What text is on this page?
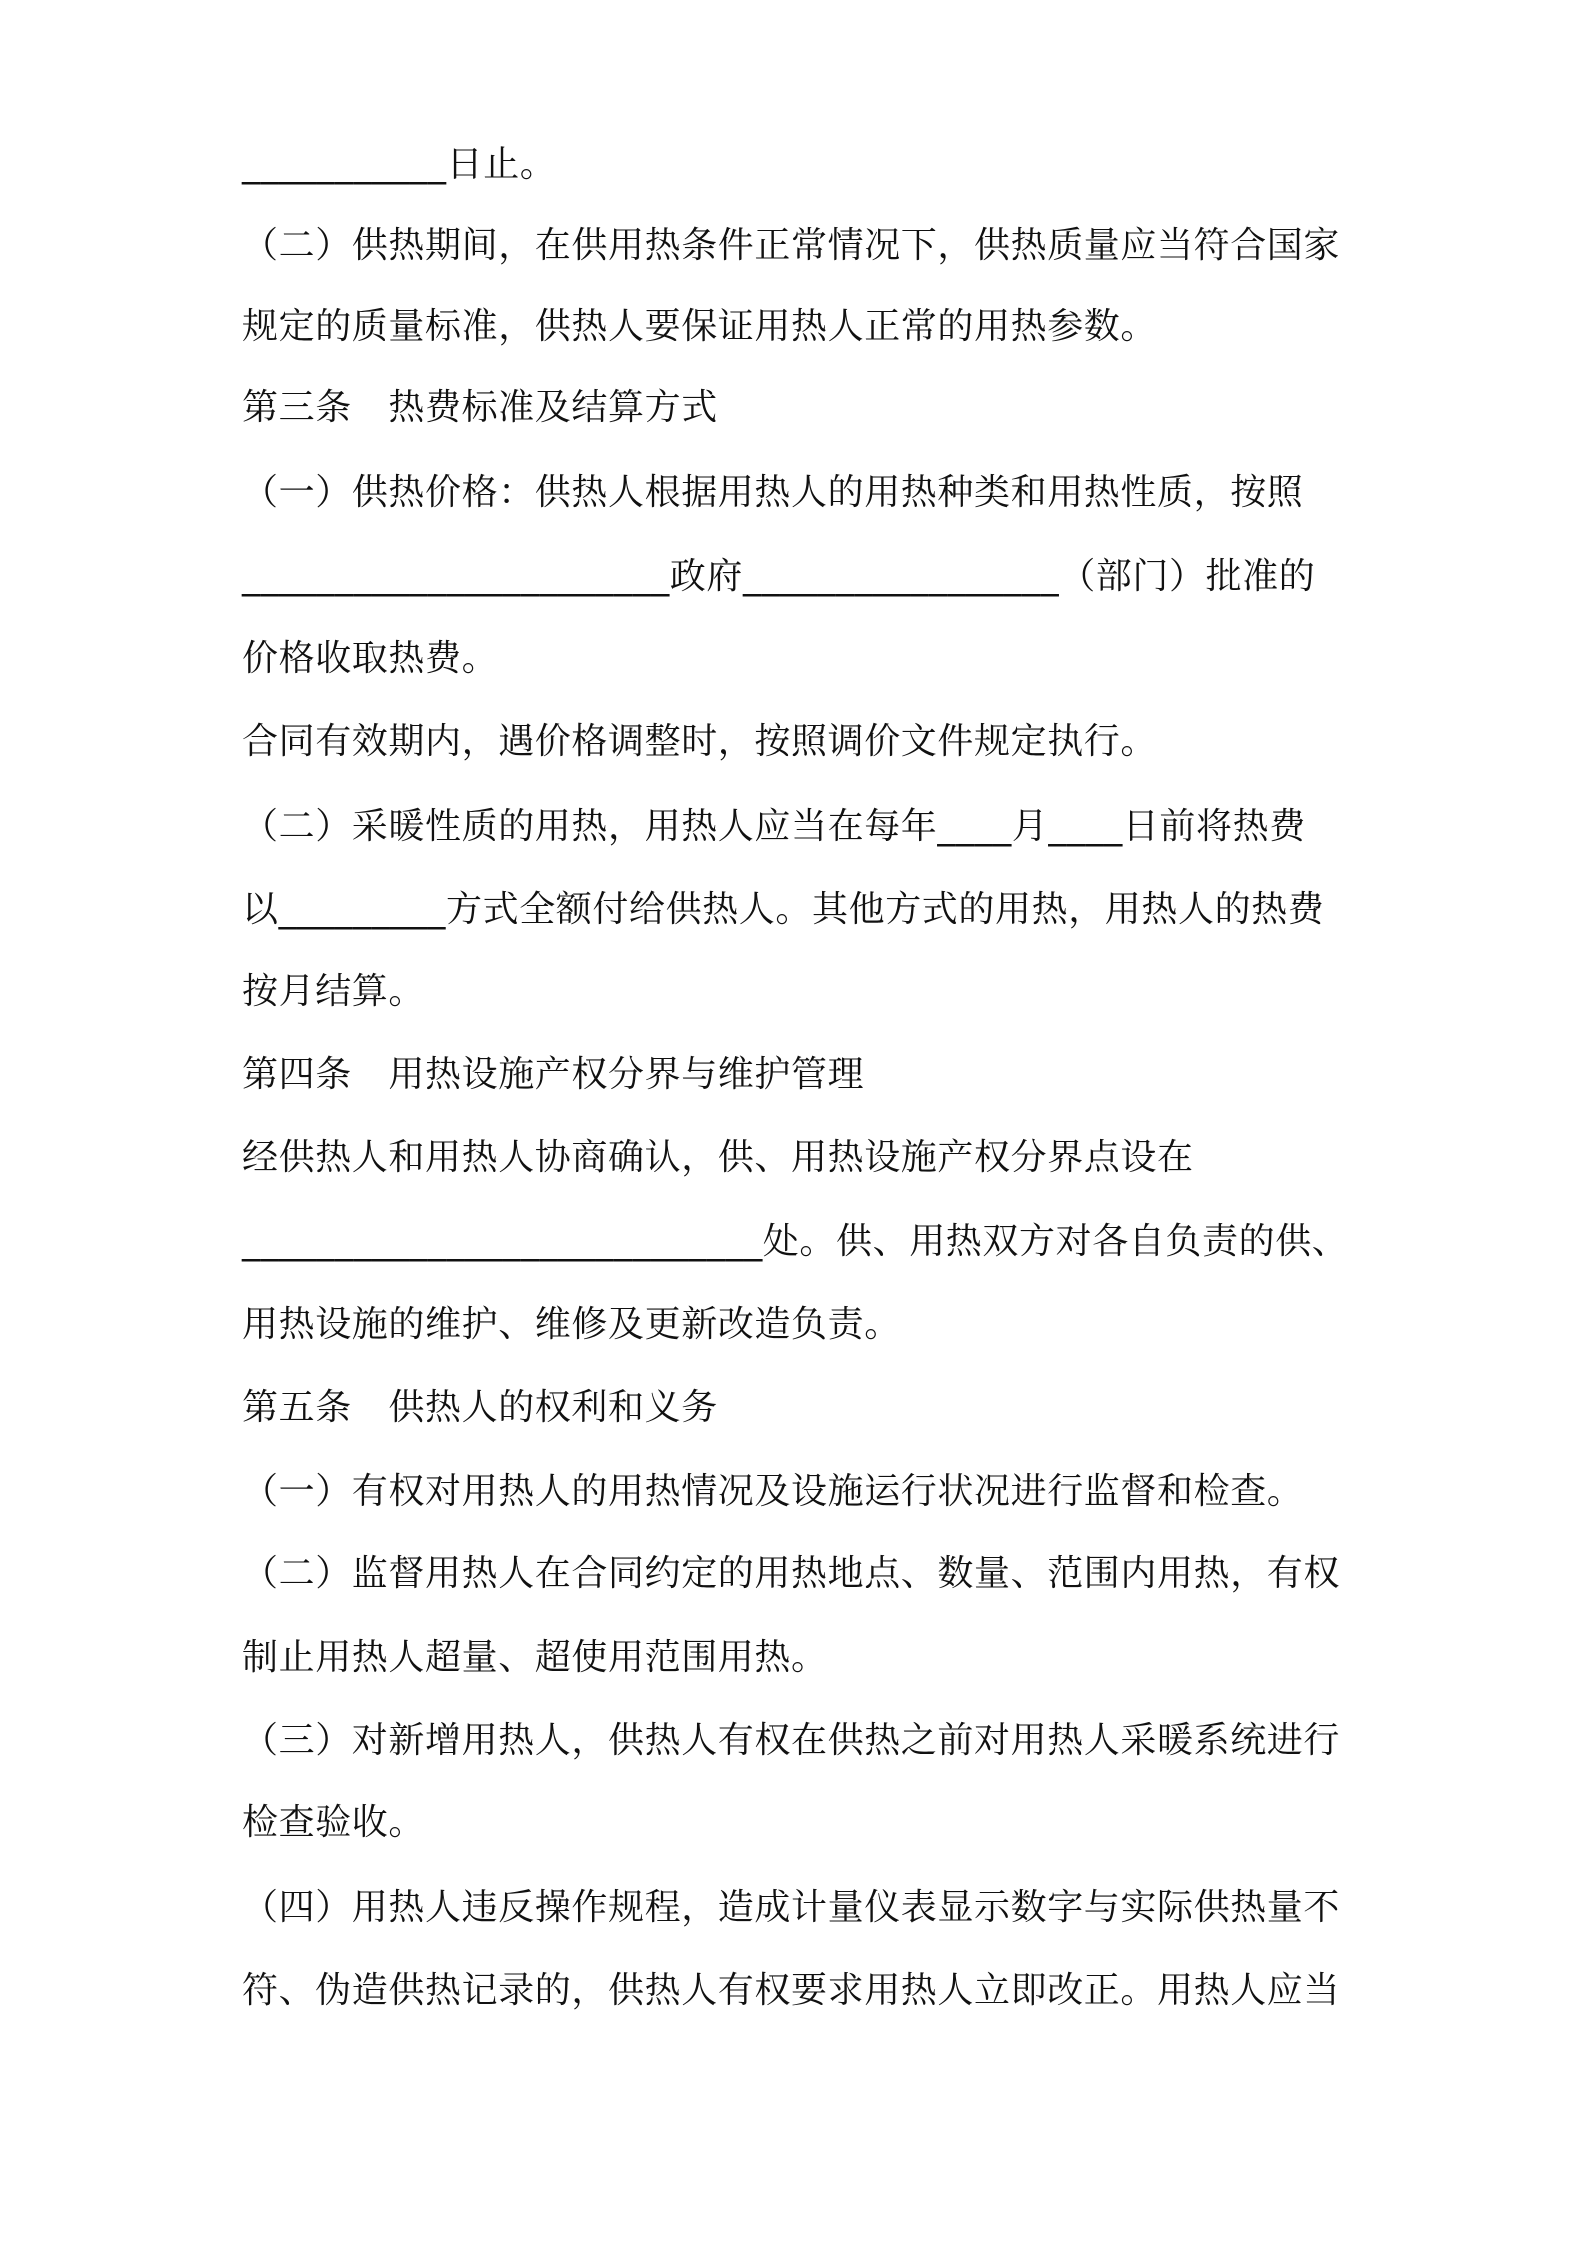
___________日止。
（二）供热期间，在供用热条件正常情况下，供热质量应当符合国家
规定的质量标准，供热人要保证用热人正常的用热参数。
第三条　热费标准及结算方式
（一）供热价格：供热人根据用热人的用热种类和用热性质，按照
_______________________政府_________________（部门）批准的
价格收取热费。
合同有效期内，遇价格调整时，按照调价文件规定执行。
（二）采暖性质的用热，用热人应当在每年____月____日前将热费
以_________方式全额付给供热人。其他方式的用热，用热人的热费
按月结算。
第四条　用热设施产权分界与维护管理
经供热人和用热人协商确认，供、用热设施产权分界点设在
____________________________处。供、用热双方对各自负责的供、
用热设施的维护、维修及更新改造负责。
第五条　供热人的权利和义务
（一）有权对用热人的用热情况及设施运行状况进行监督和检查。
（二）监督用热人在合同约定的用热地点、数量、范围内用热，有权
制止用热人超量、超使用范围用热。
（三）对新增用热人，供热人有权在供热之前对用热人采暖系统进行
检查验收。
（四）用热人违反操作规程，造成计量仪表显示数字与实际供热量不
符、伪造供热记录的，供热人有权要求用热人立即改正。用热人应当
